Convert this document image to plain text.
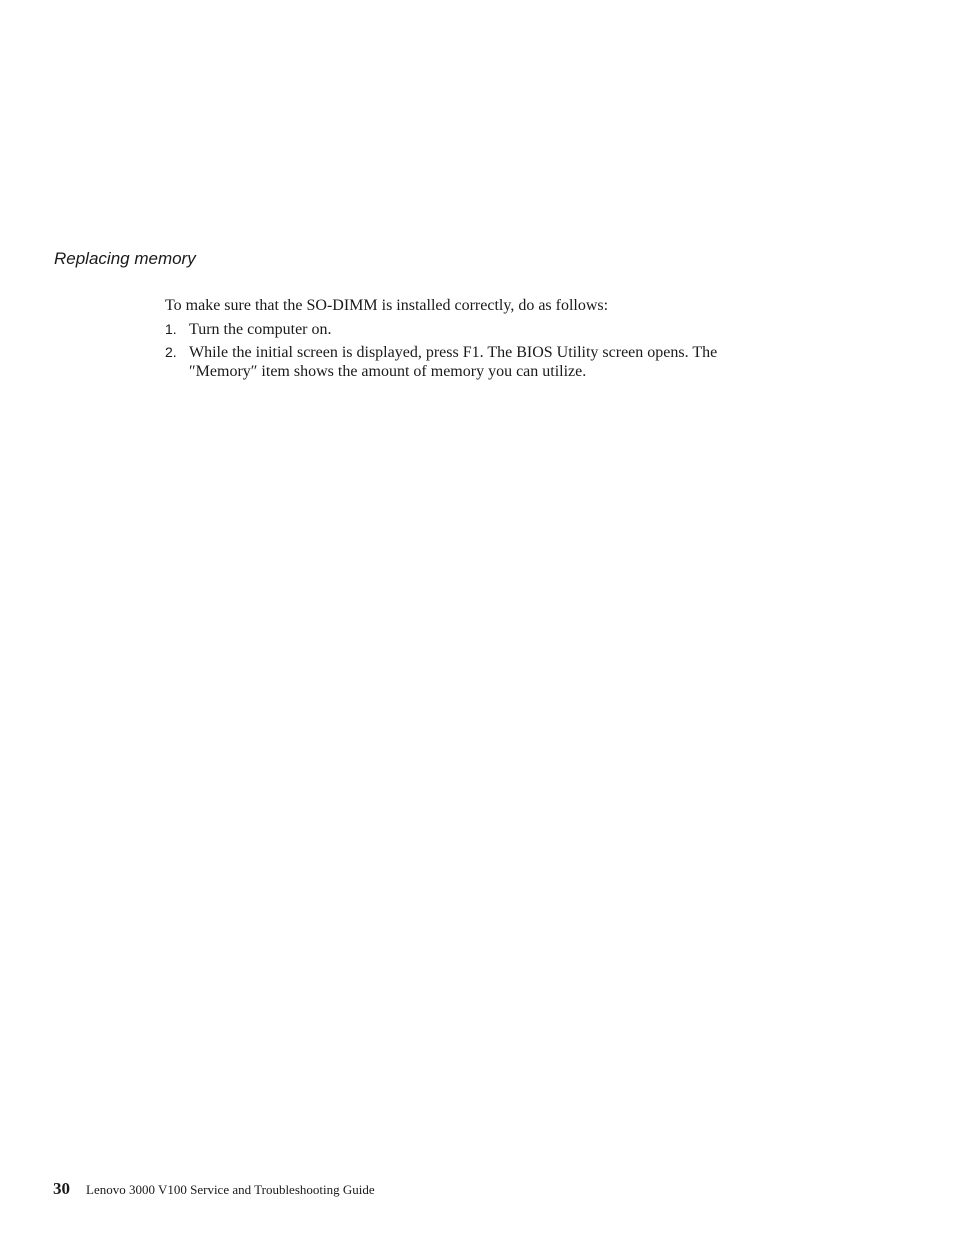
Replacing memory

To make sure that the SO-DIMM is installed correctly, do as follows:

1. Turn the computer on.
2. While the initial screen is displayed, press F1. The BIOS Utility screen opens. The ″Memory″ item shows the amount of memory you can utilize.
30 Lenovo 3000 V100 Service and Troubleshooting Guide
